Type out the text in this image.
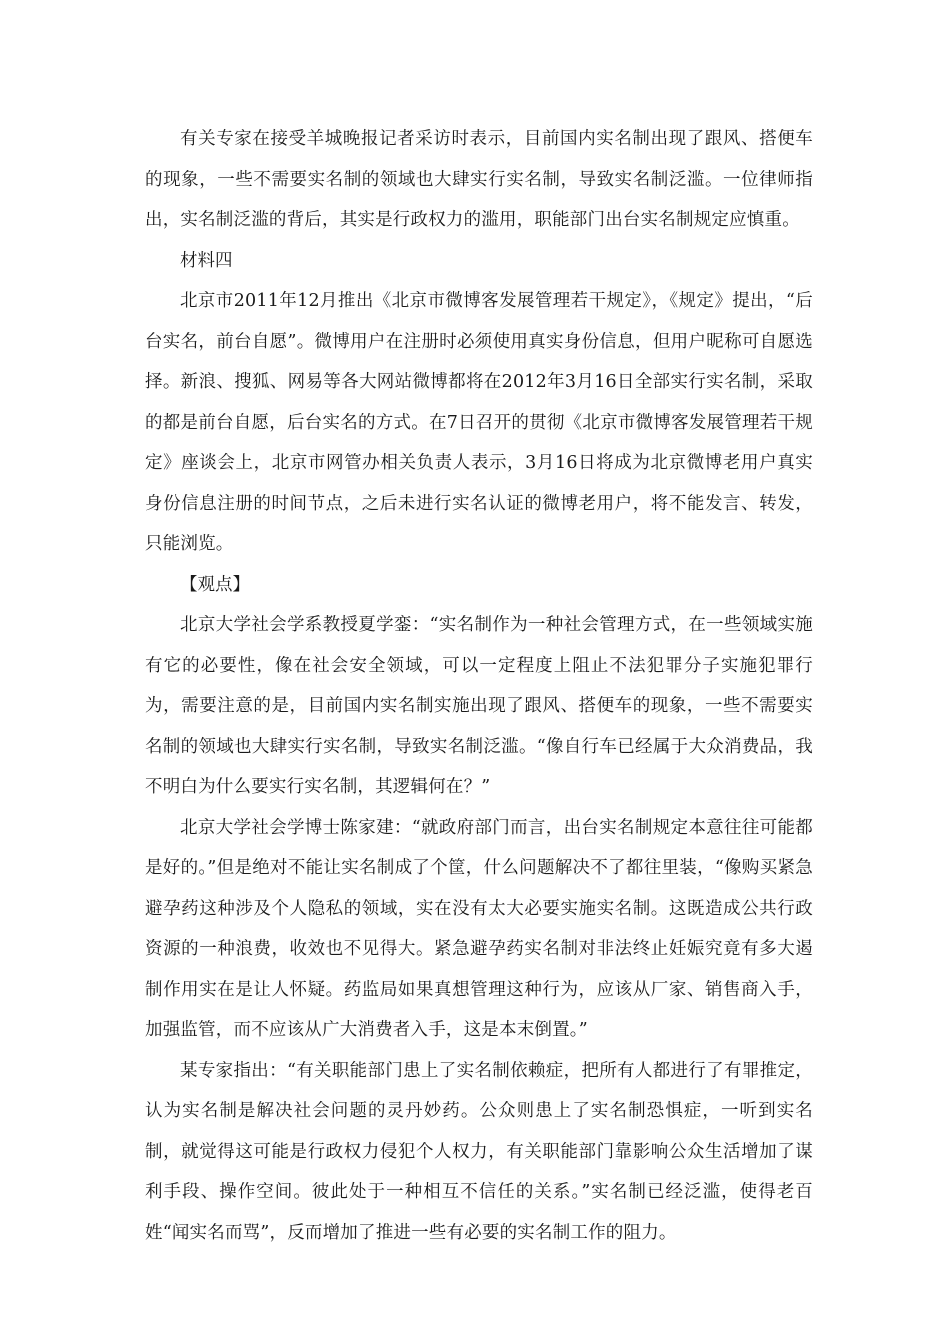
有关专家在接受羊城晚报记者采访时表示，目前国内实名制出现了跟风、搭便车的现象，一些不需要实名制的领域也大肆实行实名制，导致实名制泛滥。一位律师指出，实名制泛滥的背后，其实是行政权力的滥用，职能部门出台实名制规定应慎重。

材料四

北京市2011年12月推出《北京市微博客发展管理若干规定》，《规定》提出，“后台实名，前台自愿”。微博用户在注册时必须使用真实身份信息，但用户昵称可自愿选择。新浪、搜狐、网易等各大网站微博都将在2012年3月16日全部实行实名制，采取的都是前台自愿，后台实名的方式。在7日召开的贯彻《北京市微博客发展管理若干规定》座谈会上，北京市网管办相关负责人表示，3月16日将成为北京微博老用户真实身份信息注册的时间节点，之后未进行实名认证的微博老用户，将不能发言、转发，只能浏览。

【观点】

北京大学社会学系教授夏学銮：“实名制作为一种社会管理方式，在一些领域实施有它的必要性，像在社会安全领域，可以一定程度上阻止不法犯罪分子实施犯罪行为，需要注意的是，目前国内实名制实施出现了跟风、搭便车的现象，一些不需要实名制的领域也大肆实行实名制，导致实名制泛滥。“像自行车已经属于大众消费品，我不明白为什么要实行实名制，其逻辑何在？”

北京大学社会学博士陈家建：“就政府部门而言，出台实名制规定本意往往可能都是好的。”但是绝对不能让实名制成了个筐，什么问题解决不了都往里装，“像购买紧急避孕药这种涉及个人隐私的领域，实在没有太大必要实施实名制。这既造成公共行政资源的一种浪费，收效也不见得大。紧急避孕药实名制对非法终止妊娠究竟有多大遏制作用实在是让人怀疑。药监局如果真想管理这种行为，应该从厂家、销售商入手，加强监管，而不应该从广大消费者入手，这是本末倒置。”

某专家指出：“有关职能部门患上了实名制依赖症，把所有人都进行了有罪推定，认为实名制是解决社会问题的灵丹妙药。公众则患上了实名制恐惧症，一听到实名制，就觉得这可能是行政权力侵犯个人权力，有关职能部门靠影响公众生活增加了谋利手段、操作空间。彼此处于一种相互不信任的关系。”实名制已经泛滥，使得老百姓“闻实名而骂”，反而增加了推进一些有必要的实名制工作的阻力。
